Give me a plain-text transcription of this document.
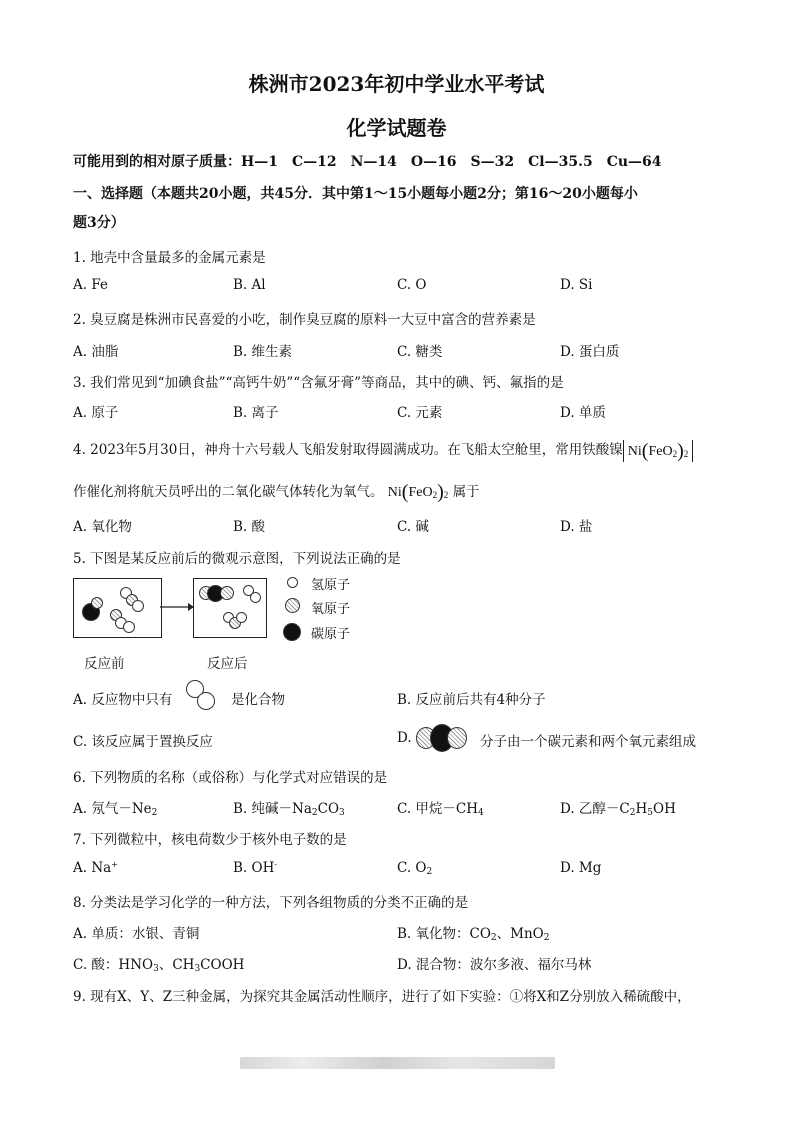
株洲市2023年初中学业水平考试
化学试题卷
可能用到的相对原子质量：H—1　C—12　N—14　O—16　S—32　Cl—35.5　Cu—64
一、选择题（本题共20小题，共45分．其中第1～15小题每小题2分；第16～20小题每小
题3分）
1. 地壳中含量最多的金属元素是
A. Fe	B. Al	C. O	D. Si
2. 臭豆腐是株洲市民喜爱的小吃，制作臭豆腐的原料一大豆中富含的营养素是
A. 油脂	B. 维生素	C. 糖类	D. 蛋白质
3. 我们常见到“加碘食盐”“高钙牛奶”“含氟牙膏”等商品，其中的碘、钙、氟指的是
A. 原子	B. 离子	C. 元素	D. 单质
4. 2023年5月30日，神舟十六号载人飞船发射取得圆满成功。在飞船太空舱里，常用铁酸镍 $Ni(FeO_2)_2$
作催化剂将航天员呼出的二氧化碳气体转化为氧气。 $Ni(FeO_2)_2$ 属于
A. 氧化物	B. 酸	C. 碱	D. 盐
5. 下图是某反应前后的微观示意图，下列说法正确的是
反应前	反应后
氢原子
氧原子
碳原子
A. 反应物中只有	是化合物	B. 反应前后共有4种分子
C. 该反应属于置换反应	D.	分子由一个碳元素和两个氧元素组成
6. 下列物质的名称（或俗称）与化学式对应错误的是
A. 氖气$-Ne_2$	B. 纯碱$-Na_2CO_3$	C. 甲烷$-CH_4$	D. 乙醇$-C_2H_5OH$
7. 下列微粒中，核电荷数少于核外电子数的是
A. Na+	B. OH-	C. $O_2$	D. Mg
8. 分类法是学习化学的一种方法，下列各组物质的分类不正确的是
A. 单质：水银、青铜	B. 氧化物：$CO_2$、MnO$_2$
C. 酸：$HNO_3$、$CH_3COOH$	D. 混合物：波尔多液、福尔马林
9. 现有X、Y、Z三种金属，为探究其金属活动性顺序，进行了如下实验：①将X和Z分别放入稀硫酸中，
